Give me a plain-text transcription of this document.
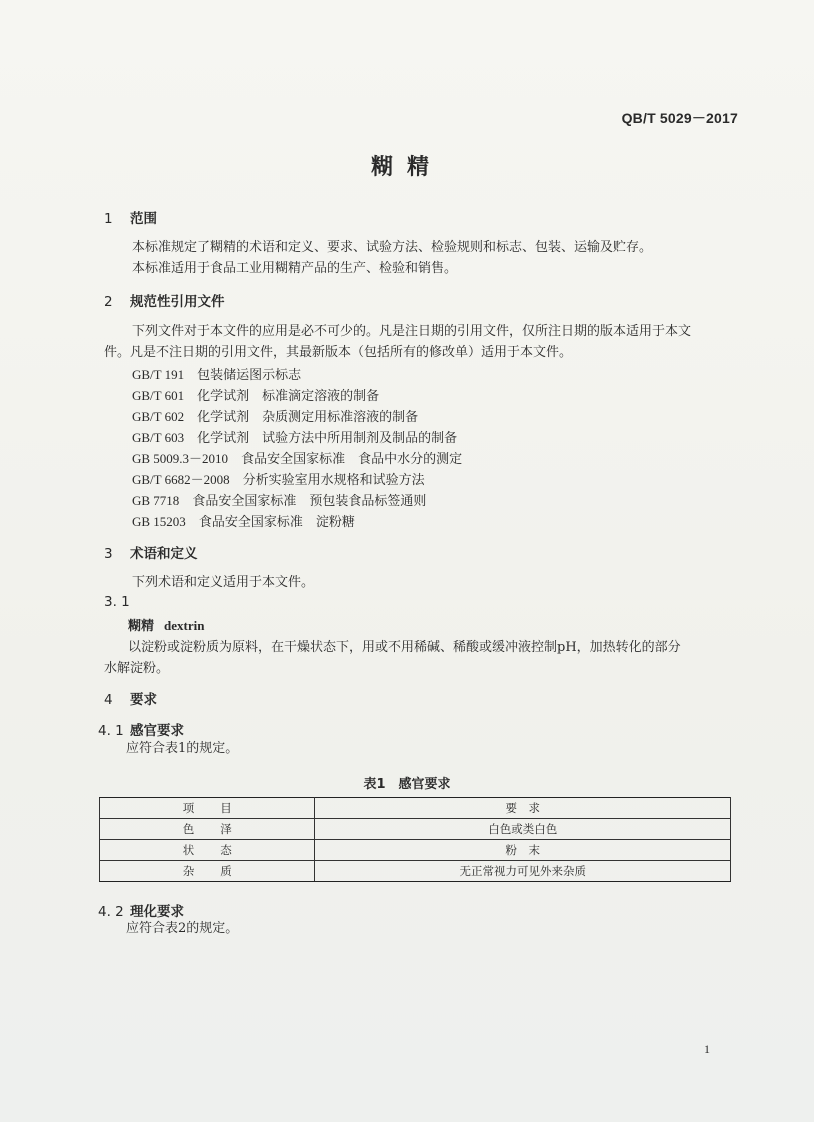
QB/T 5029－2017
糊精
1 范围
本标准规定了糊精的术语和定义、要求、试验方法、检验规则和标志、包装、运输及贮存。
本标准适用于食品工业用糊精产品的生产、检验和销售。
2 规范性引用文件
下列文件对于本文件的应用是必不可少的。凡是注日期的引用文件，仅所注日期的版本适用于本文
件。凡是不注日期的引用文件，其最新版本（包括所有的修改单）适用于本文件。
GB/T 191　 包装储运图示标志
GB/T 601　 化学试剂　标准滴定溶液的制备
GB/T 602　 化学试剂　杂质测定用标准溶液的制备
GB/T 603　 化学试剂　试验方法中所用制剂及制品的制备
GB 5009.3－2010　 食品安全国家标准　食品中水分的测定
GB/T 6682－2008　 分析实验室用水规格和试验方法
GB 7718　 食品安全国家标准　预包装食品标签通则
GB 15203　 食品安全国家标准　淀粉糖
3 术语和定义
下列术语和定义适用于本文件。
3. 1
糊精 dextrin
以淀粉或淀粉质为原料，在干燥状态下，用或不用稀碱、稀酸或缓冲液控制pH，加热转化的部分
水解淀粉。
4 要求
4. 1 感官要求
应符合表1的规定。
表1　感官要求
项目	要　求
色泽	白色或类白色
状态	粉　末
杂质	无正常视力可见外来杂质
4. 2 理化要求
应符合表2的规定。
1
